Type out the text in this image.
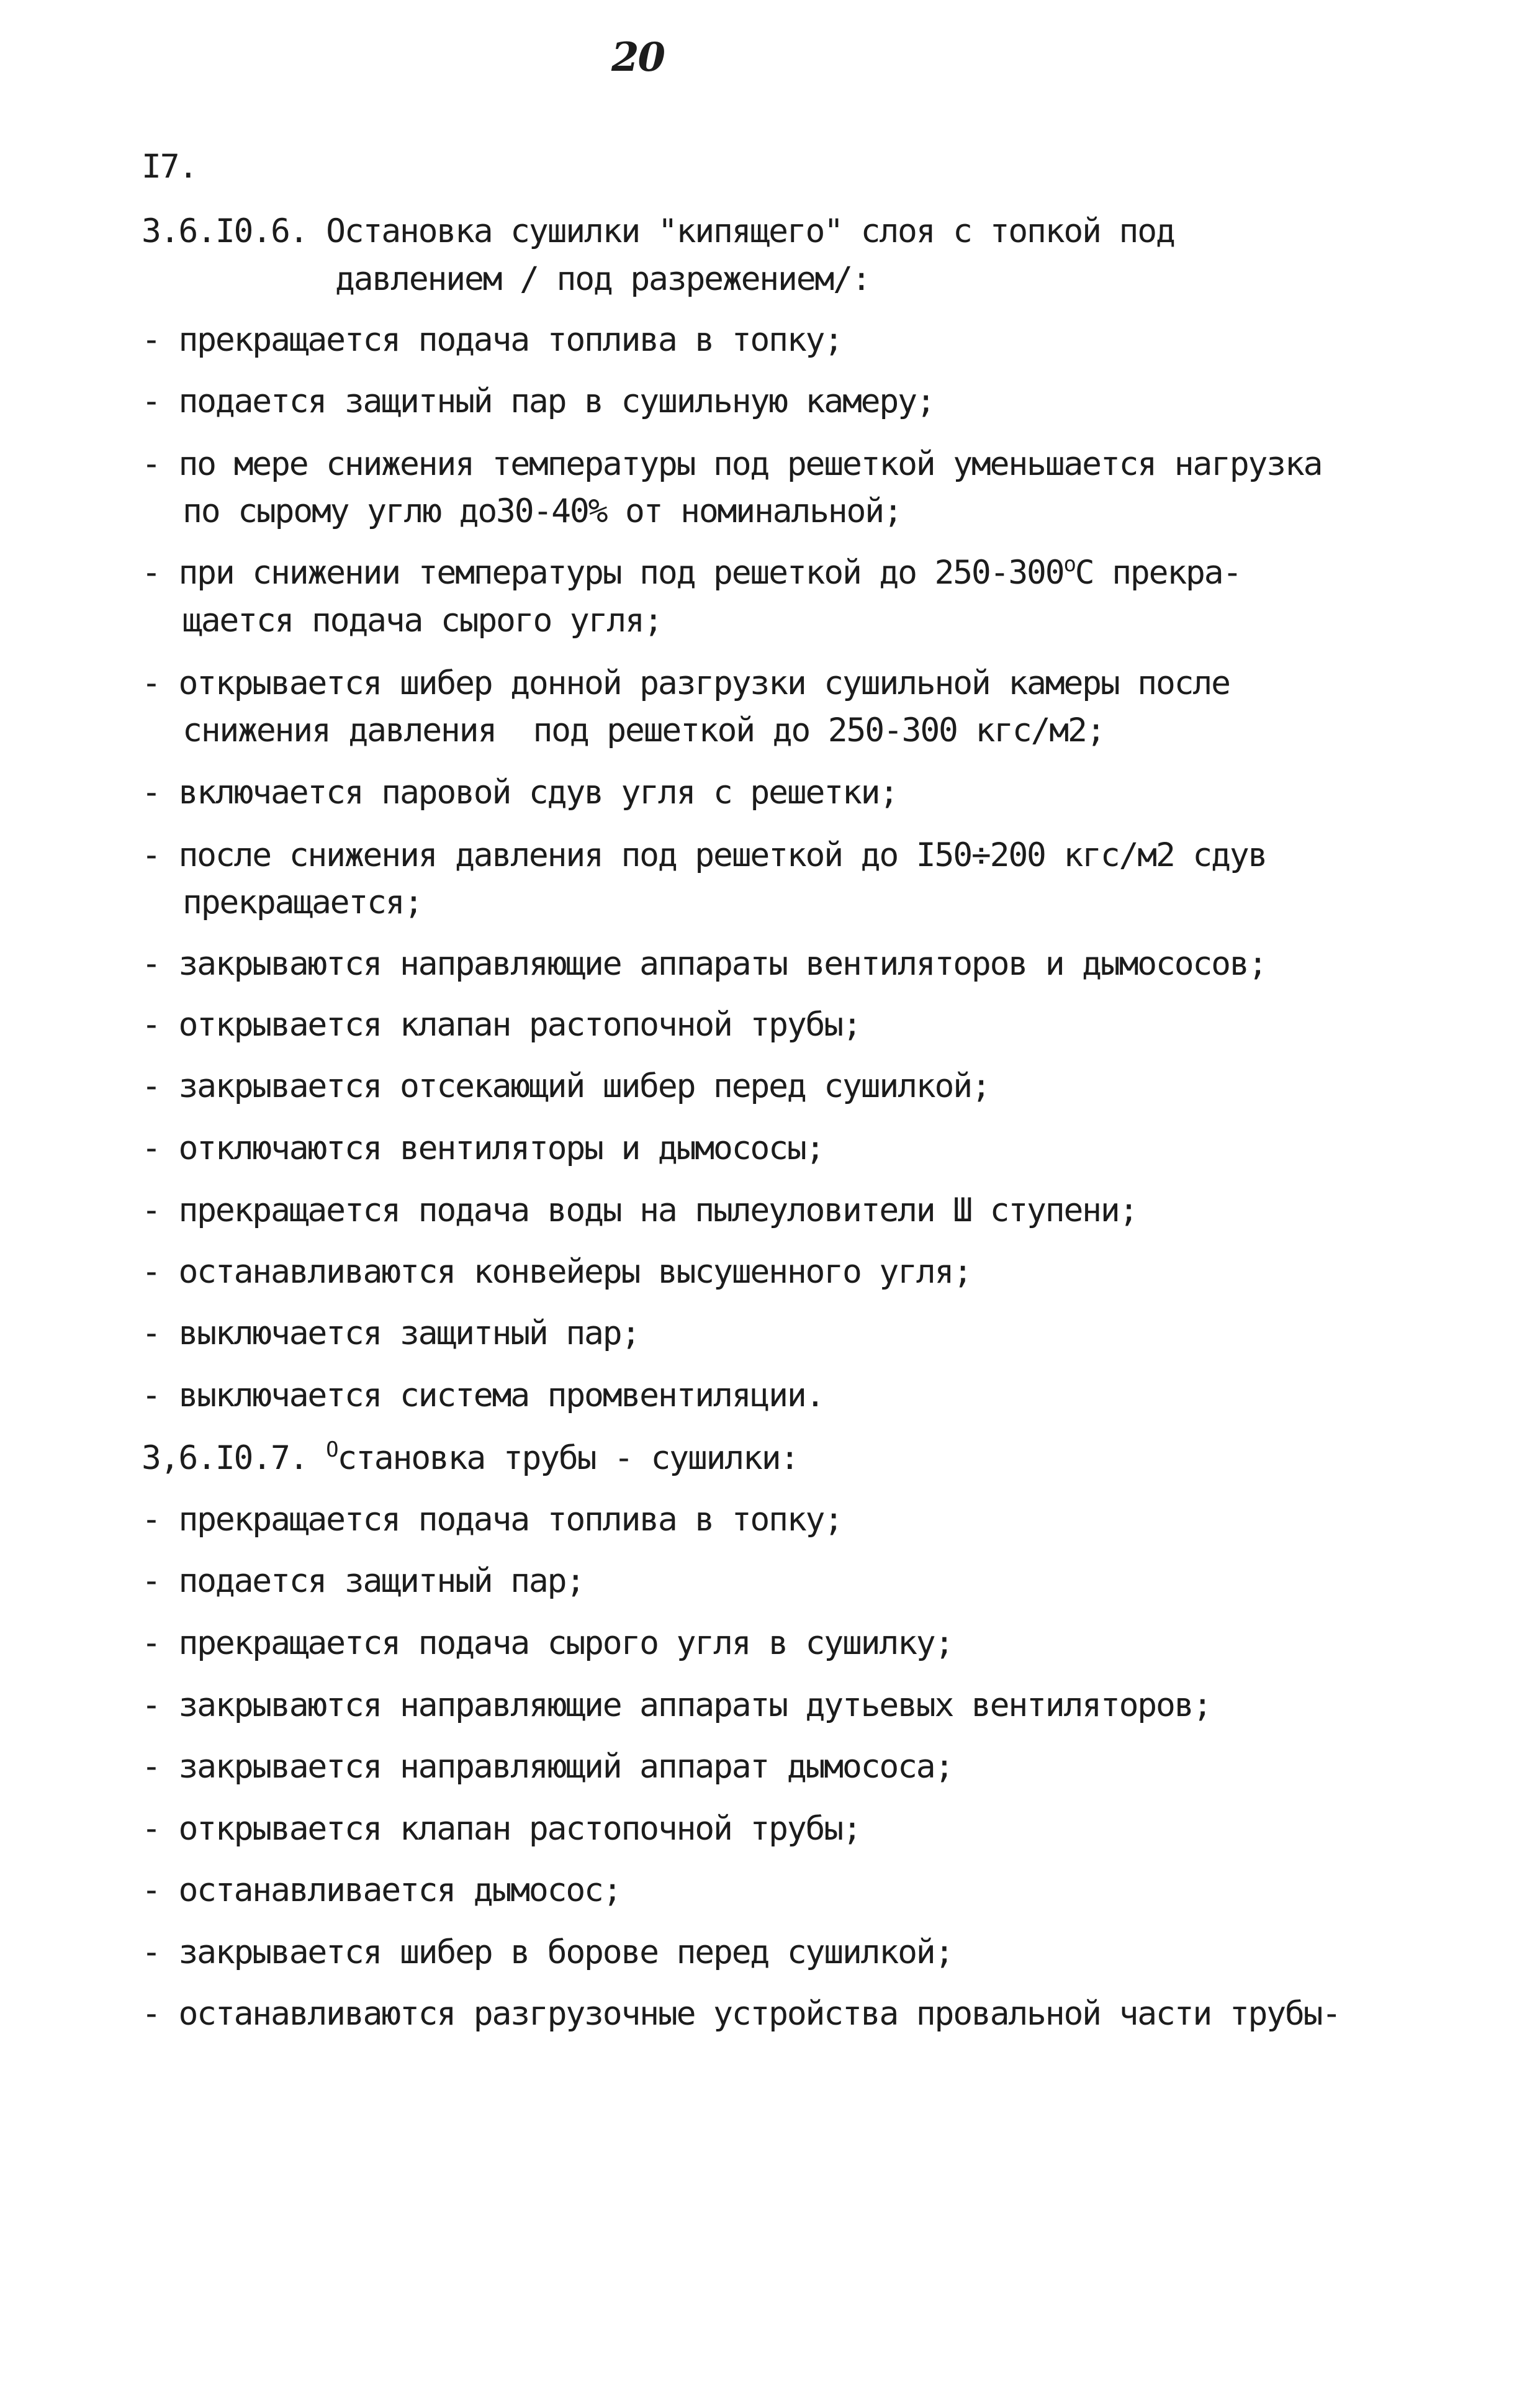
20

I7.

3.6.I0.6. Остановка сушилки "кипящего" слоя с топкой под

давлением / под разрежением/:

- прекращается подача топлива в топку;

- подается защитный пар в сушильную камеру;

- по мере снижения температуры под решеткой уменьшается нагрузка

по сырому углю до30-40% от номинальной;

- при снижении температуры под решеткой до $250-300^оС$ прекра-

щается подача сырого угля;

- открывается шибер донной разгрузки сушильной камеры после

снижения давления  под решеткой до 250-300 кгс/м2;

- включается паровой сдув угля с решетки;

- после снижения давления под решеткой до I50÷200 кгс/м2 сдув

прекращается;

- закрываются направляющие аппараты вентиляторов и дымососов;

- открывается клапан растопочной трубы;

- закрывается отсекающий шибер перед сушилкой;

- отключаются вентиляторы и дымососы;

- прекращается подача воды на пылеуловители Ш ступени;

- останавливаются конвейеры высушенного угля;

- выключается защитный пар;

- выключается система промвентиляции.

3,6.I0.7. $^О$становка трубы - сушилки:

- прекращается подача топлива в топку;

- подается защитный пар;

- прекращается подача сырого угля в сушилку;

- закрываются направляющие аппараты дутьевых вентиляторов;

- закрывается направляющий аппарат дымососа;

- открывается клапан растопочной трубы;

- останавливается дымосос;

- закрывается шибер в борове перед сушилкой;

- останавливаются разгрузочные устройства провальной части трубы-
